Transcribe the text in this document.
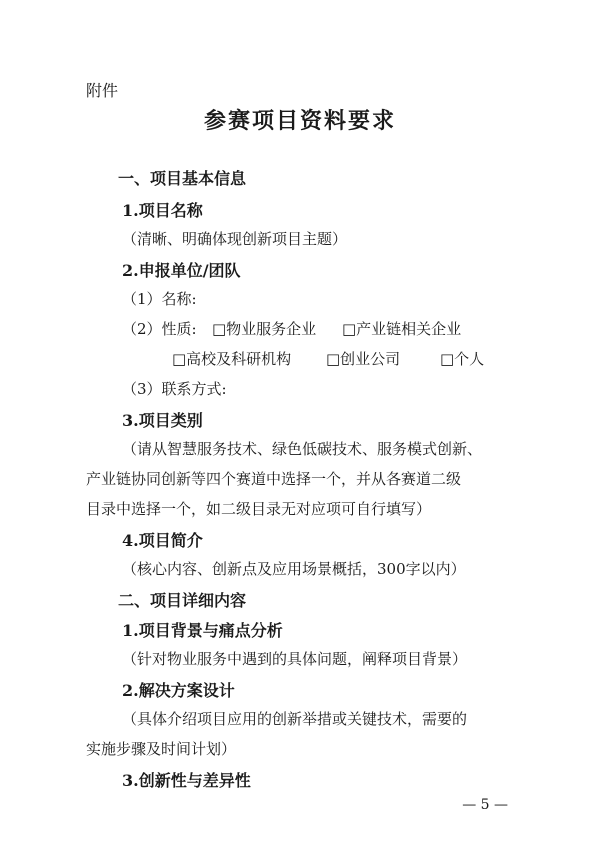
附件
参赛项目资料要求
一、项目基本信息
1.项目名称
（清晰、明确体现创新项目主题）
2.申报单位/团队
（1）名称:
（2）性质: □物业服务企业 □产业链相关企业
□高校及科研机构 □创业公司	□个人
（3）联系方式:
3.项目类别
（请从智慧服务技术、绿色低碳技术、服务模式创新、
产业链协同创新等四个赛道中选择一个，并从各赛道二级
目录中选择一个，如二级目录无对应项可自行填写）
4.项目简介
（核心内容、创新点及应用场景概括，300字以内）
二、项目详细内容
1.项目背景与痛点分析
（针对物业服务中遇到的具体问题，阐释项目背景）
2.解决方案设计
（具体介绍项目应用的创新举措或关键技术，需要的
实施步骤及时间计划）
3.创新性与差异性
— 5 —
